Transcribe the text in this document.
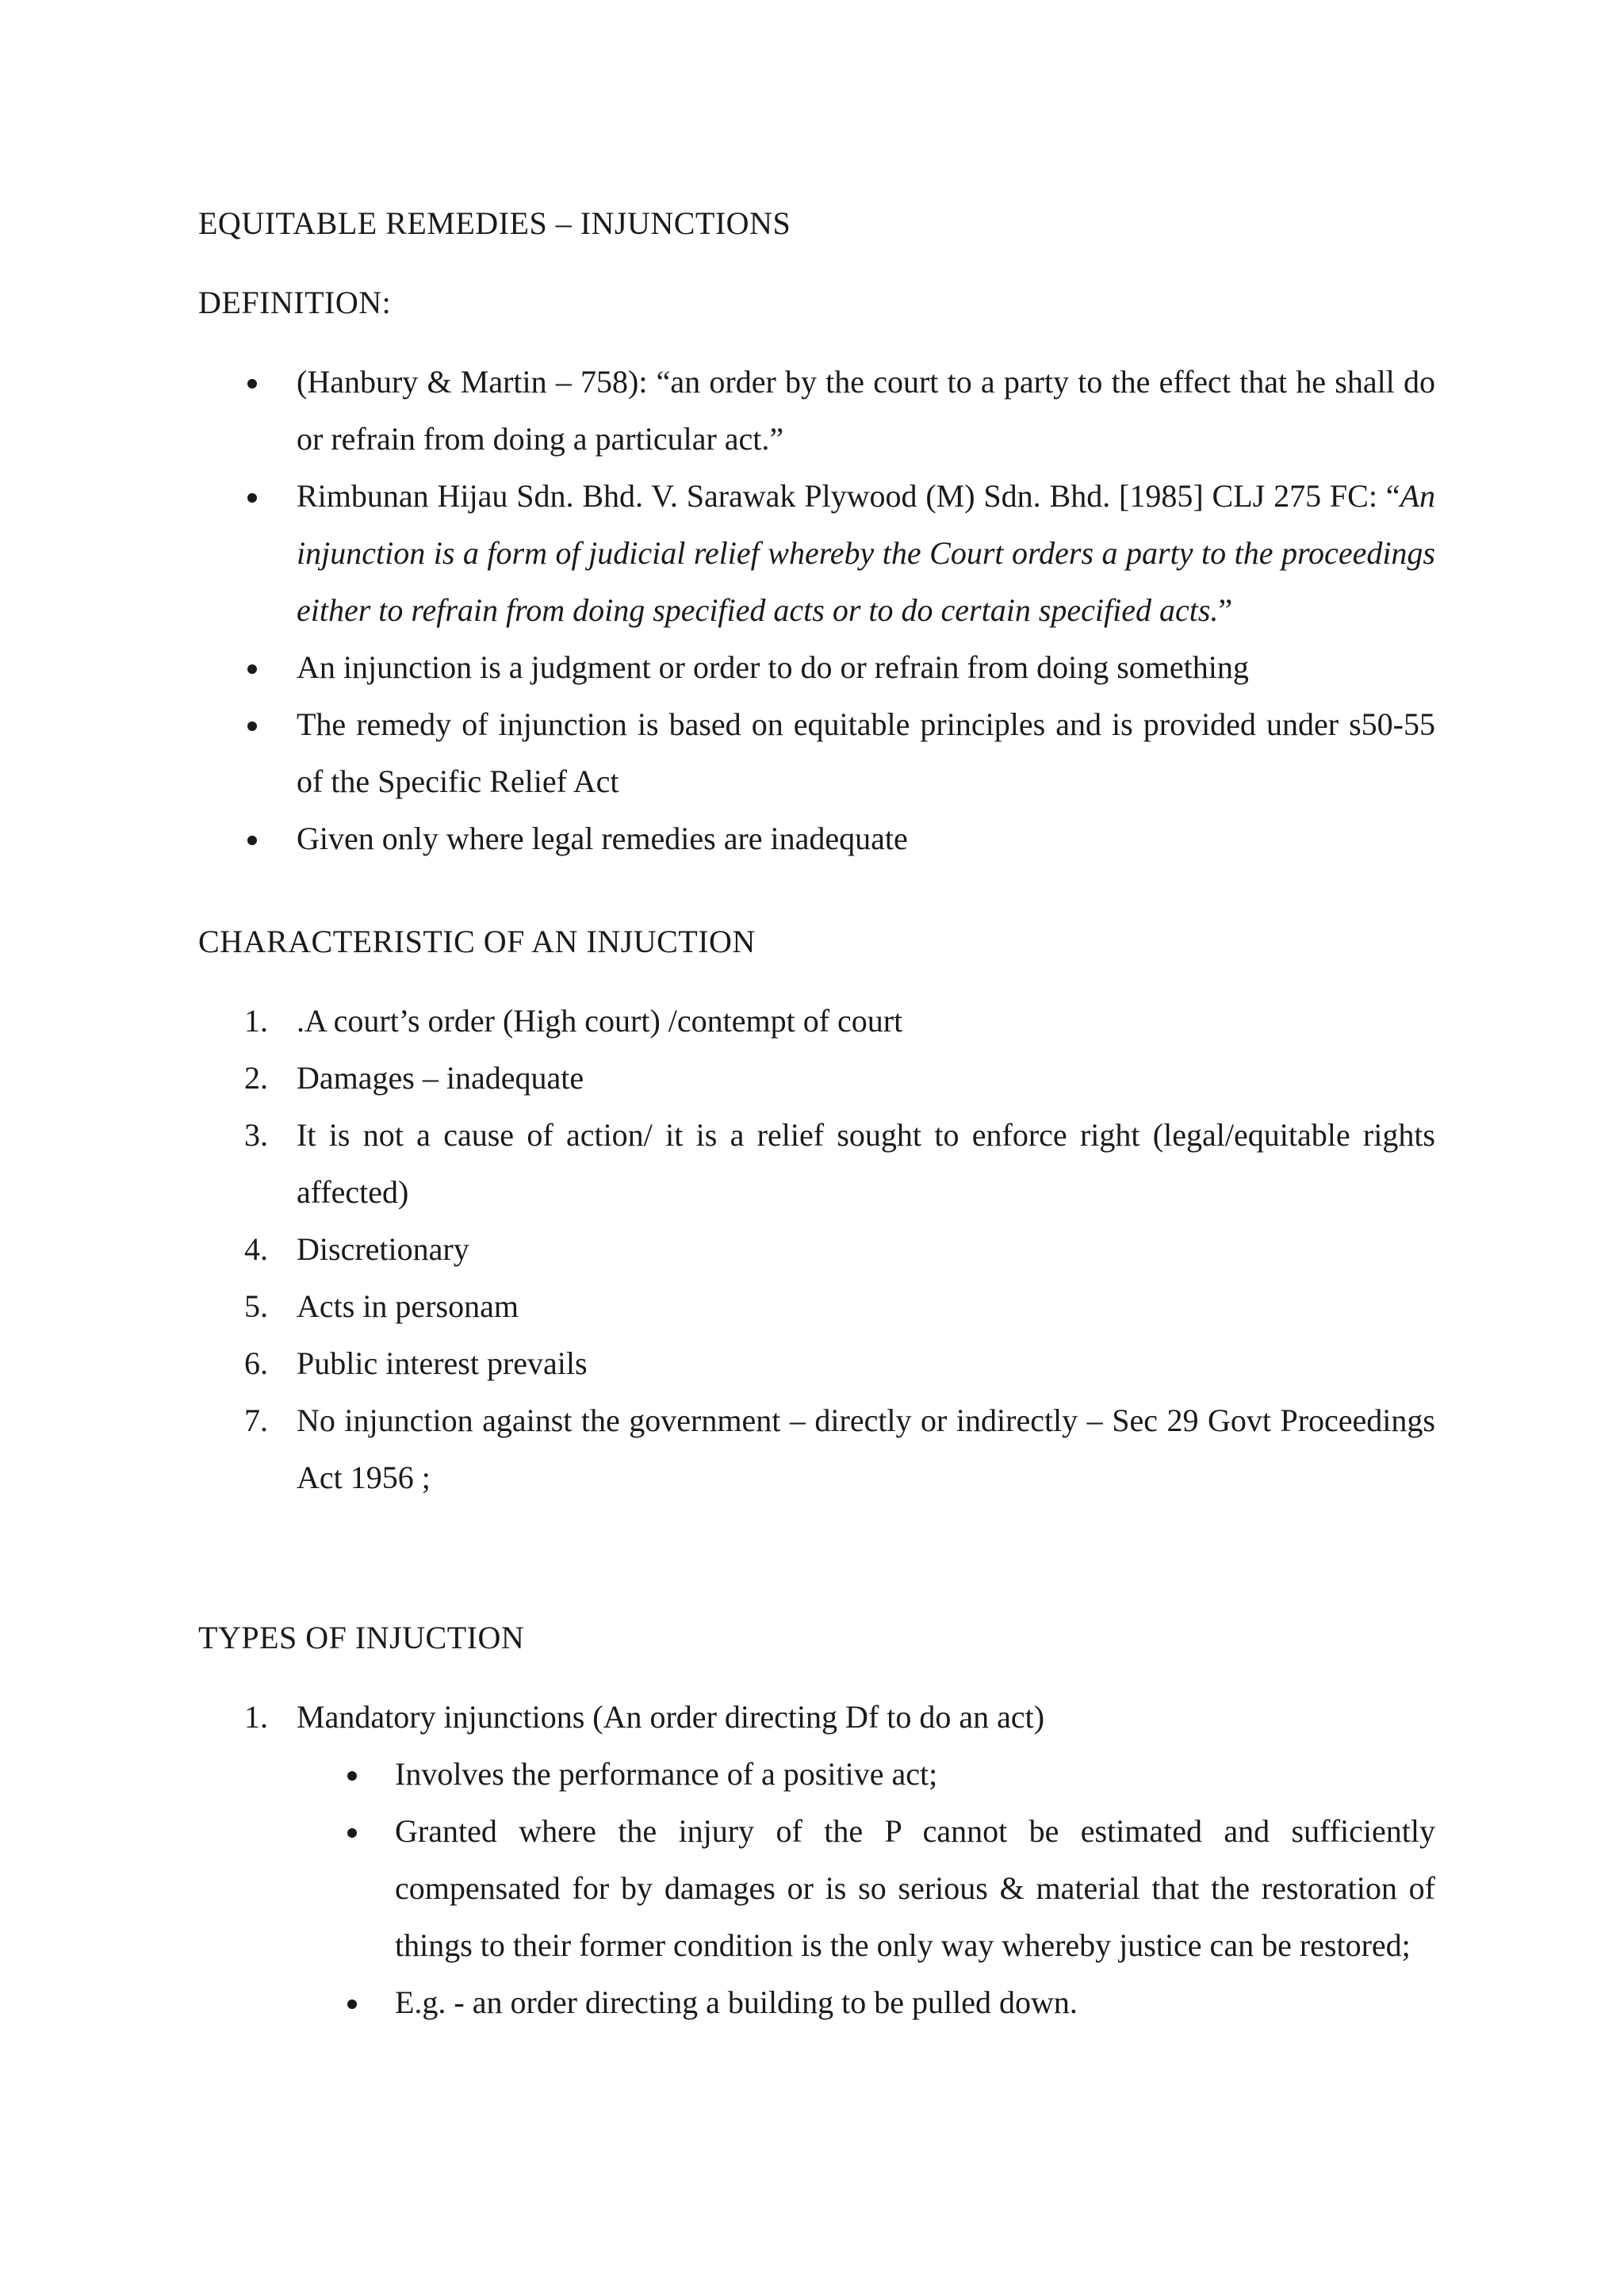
EQUITABLE REMEDIES – INJUNCTIONS

DEFINITION:

(Hanbury & Martin – 758): “an order by the court to a party to the effect that he shall do or refrain from doing a particular act.”
Rimbunan Hijau Sdn. Bhd. V. Sarawak Plywood (M) Sdn. Bhd. [1985] CLJ 275 FC: “An injunction is a form of judicial relief whereby the Court orders a party to the proceedings either to refrain from doing specified acts or to do certain specified acts.”
An injunction is a judgment or order to do or refrain from doing something
The remedy of injunction is based on equitable principles and is provided under s50-55 of the Specific Relief Act
Given only where legal remedies are inadequate

CHARACTERISTIC OF AN INJUCTION

1. .A court’s order (High court) /contempt of court
2. Damages – inadequate
3. It is not a cause of action/ it is a relief sought to enforce right (legal/equitable rights affected)
4. Discretionary
5. Acts in personam
6. Public interest prevails
7. No injunction against the government – directly or indirectly – Sec 29 Govt Proceedings Act 1956 ;

TYPES OF INJUCTION

1. Mandatory injunctions (An order directing Df to do an act)
Involves the performance of a positive act;
Granted where the injury of the P cannot be estimated and sufficiently compensated for by damages or is so serious & material that the restoration of things to their former condition is the only way whereby justice can be restored;
E.g. - an order directing a building to be pulled down.
